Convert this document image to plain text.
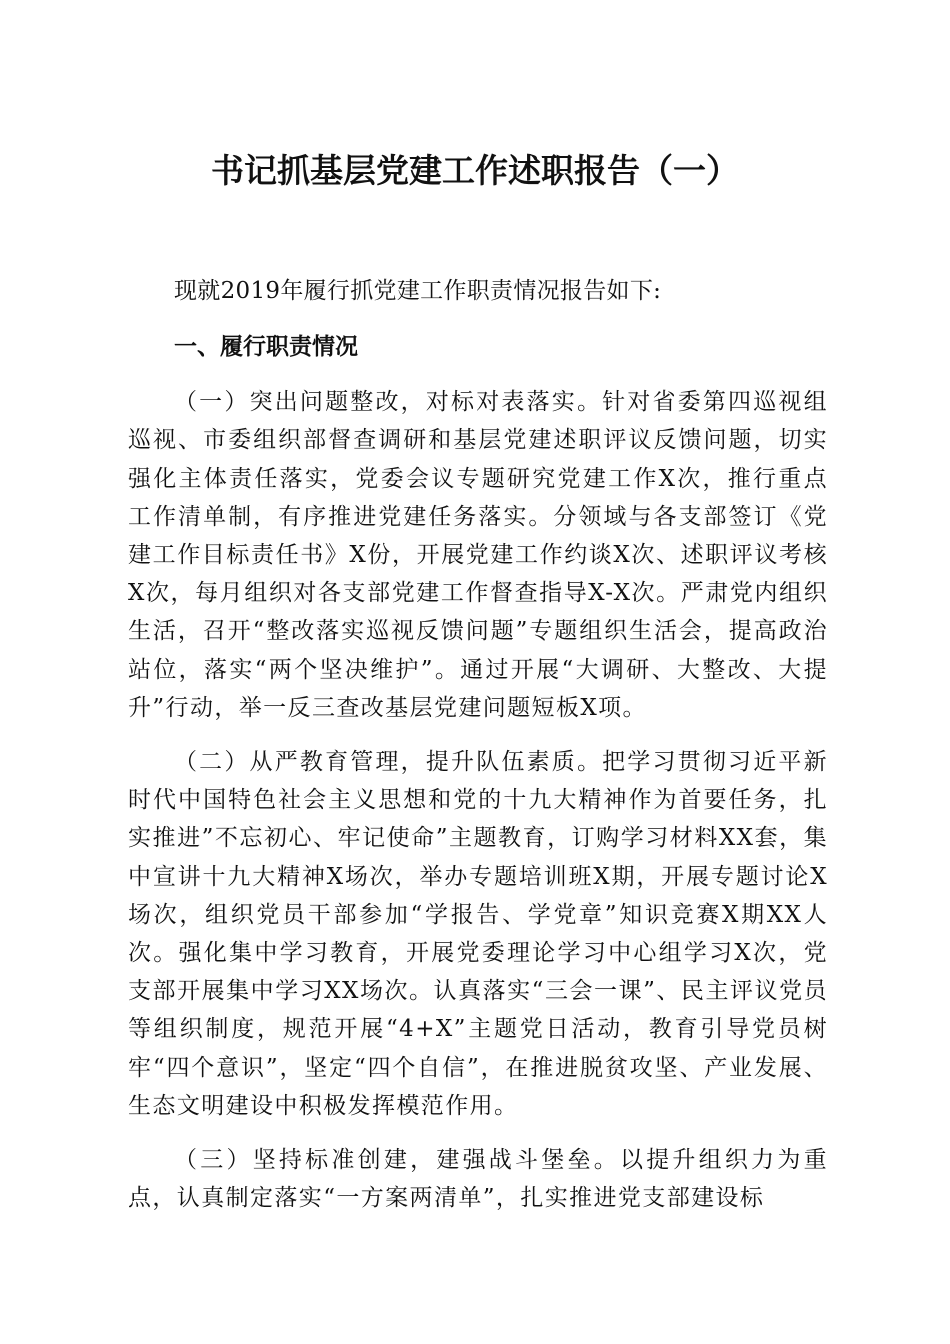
书记抓基层党建工作述职报告（一）

现就2019年履行抓党建工作职责情况报告如下:

一、履行职责情况

（一）突出问题整改，对标对表落实。针对省委第四巡视组巡视、市委组织部督查调研和基层党建述职评议反馈问题，切实强化主体责任落实，党委会议专题研究党建工作X次，推行重点工作清单制，有序推进党建任务落实。分领域与各支部签订《党建工作目标责任书》X份，开展党建工作约谈X次、述职评议考核X次，每月组织对各支部党建工作督查指导X-X次。严肃党内组织生活，召开“整改落实巡视反馈问题”专题组织生活会，提高政治站位，落实“两个坚决维护”。通过开展“大调研、大整改、大提升”行动，举一反三查改基层党建问题短板X项。

（二）从严教育管理，提升队伍素质。把学习贯彻习近平新时代中国特色社会主义思想和党的十九大精神作为首要任务，扎实推进”不忘初心、牢记使命”主题教育，订购学习材料XX套，集中宣讲十九大精神X场次，举办专题培训班X期，开展专题讨论X场次，组织党员干部参加“学报告、学党章”知识竞赛X期XX人次。强化集中学习教育，开展党委理论学习中心组学习X次，党支部开展集中学习XX场次。认真落实“三会一课”、民主评议党员等组织制度，规范开展“4+X”主题党日活动，教育引导党员树牢“四个意识”，坚定“四个自信”，在推进脱贫攻坚、产业发展、生态文明建设中积极发挥模范作用。

（三）坚持标准创建，建强战斗堡垒。以提升组织力为重点，认真制定落实“一方案两清单”，扎实推进党支部建设标
